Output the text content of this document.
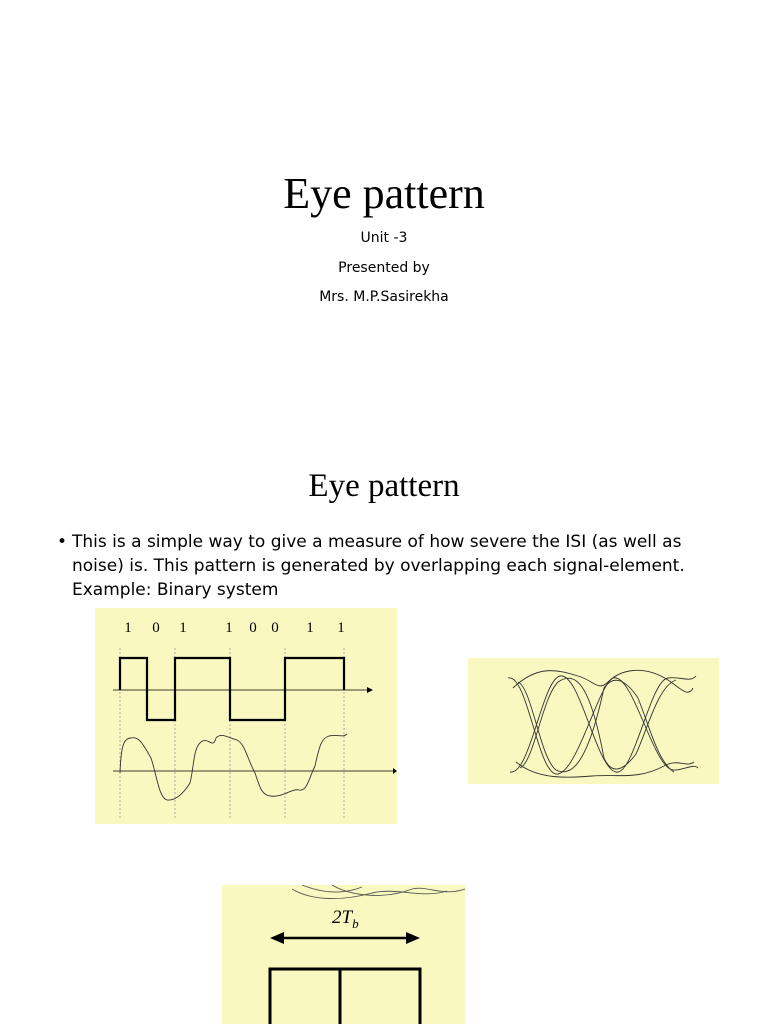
Eye pattern
Unit -3
Presented by
Mrs. M.P.Sasirekha
Eye pattern
• This is a simple way to give a measure of how severe the ISI (as well as noise) is. This pattern is generated by overlapping each signal-element. Example: Binary system
1 0 1	1 0 0 1 1
$2T_b$
